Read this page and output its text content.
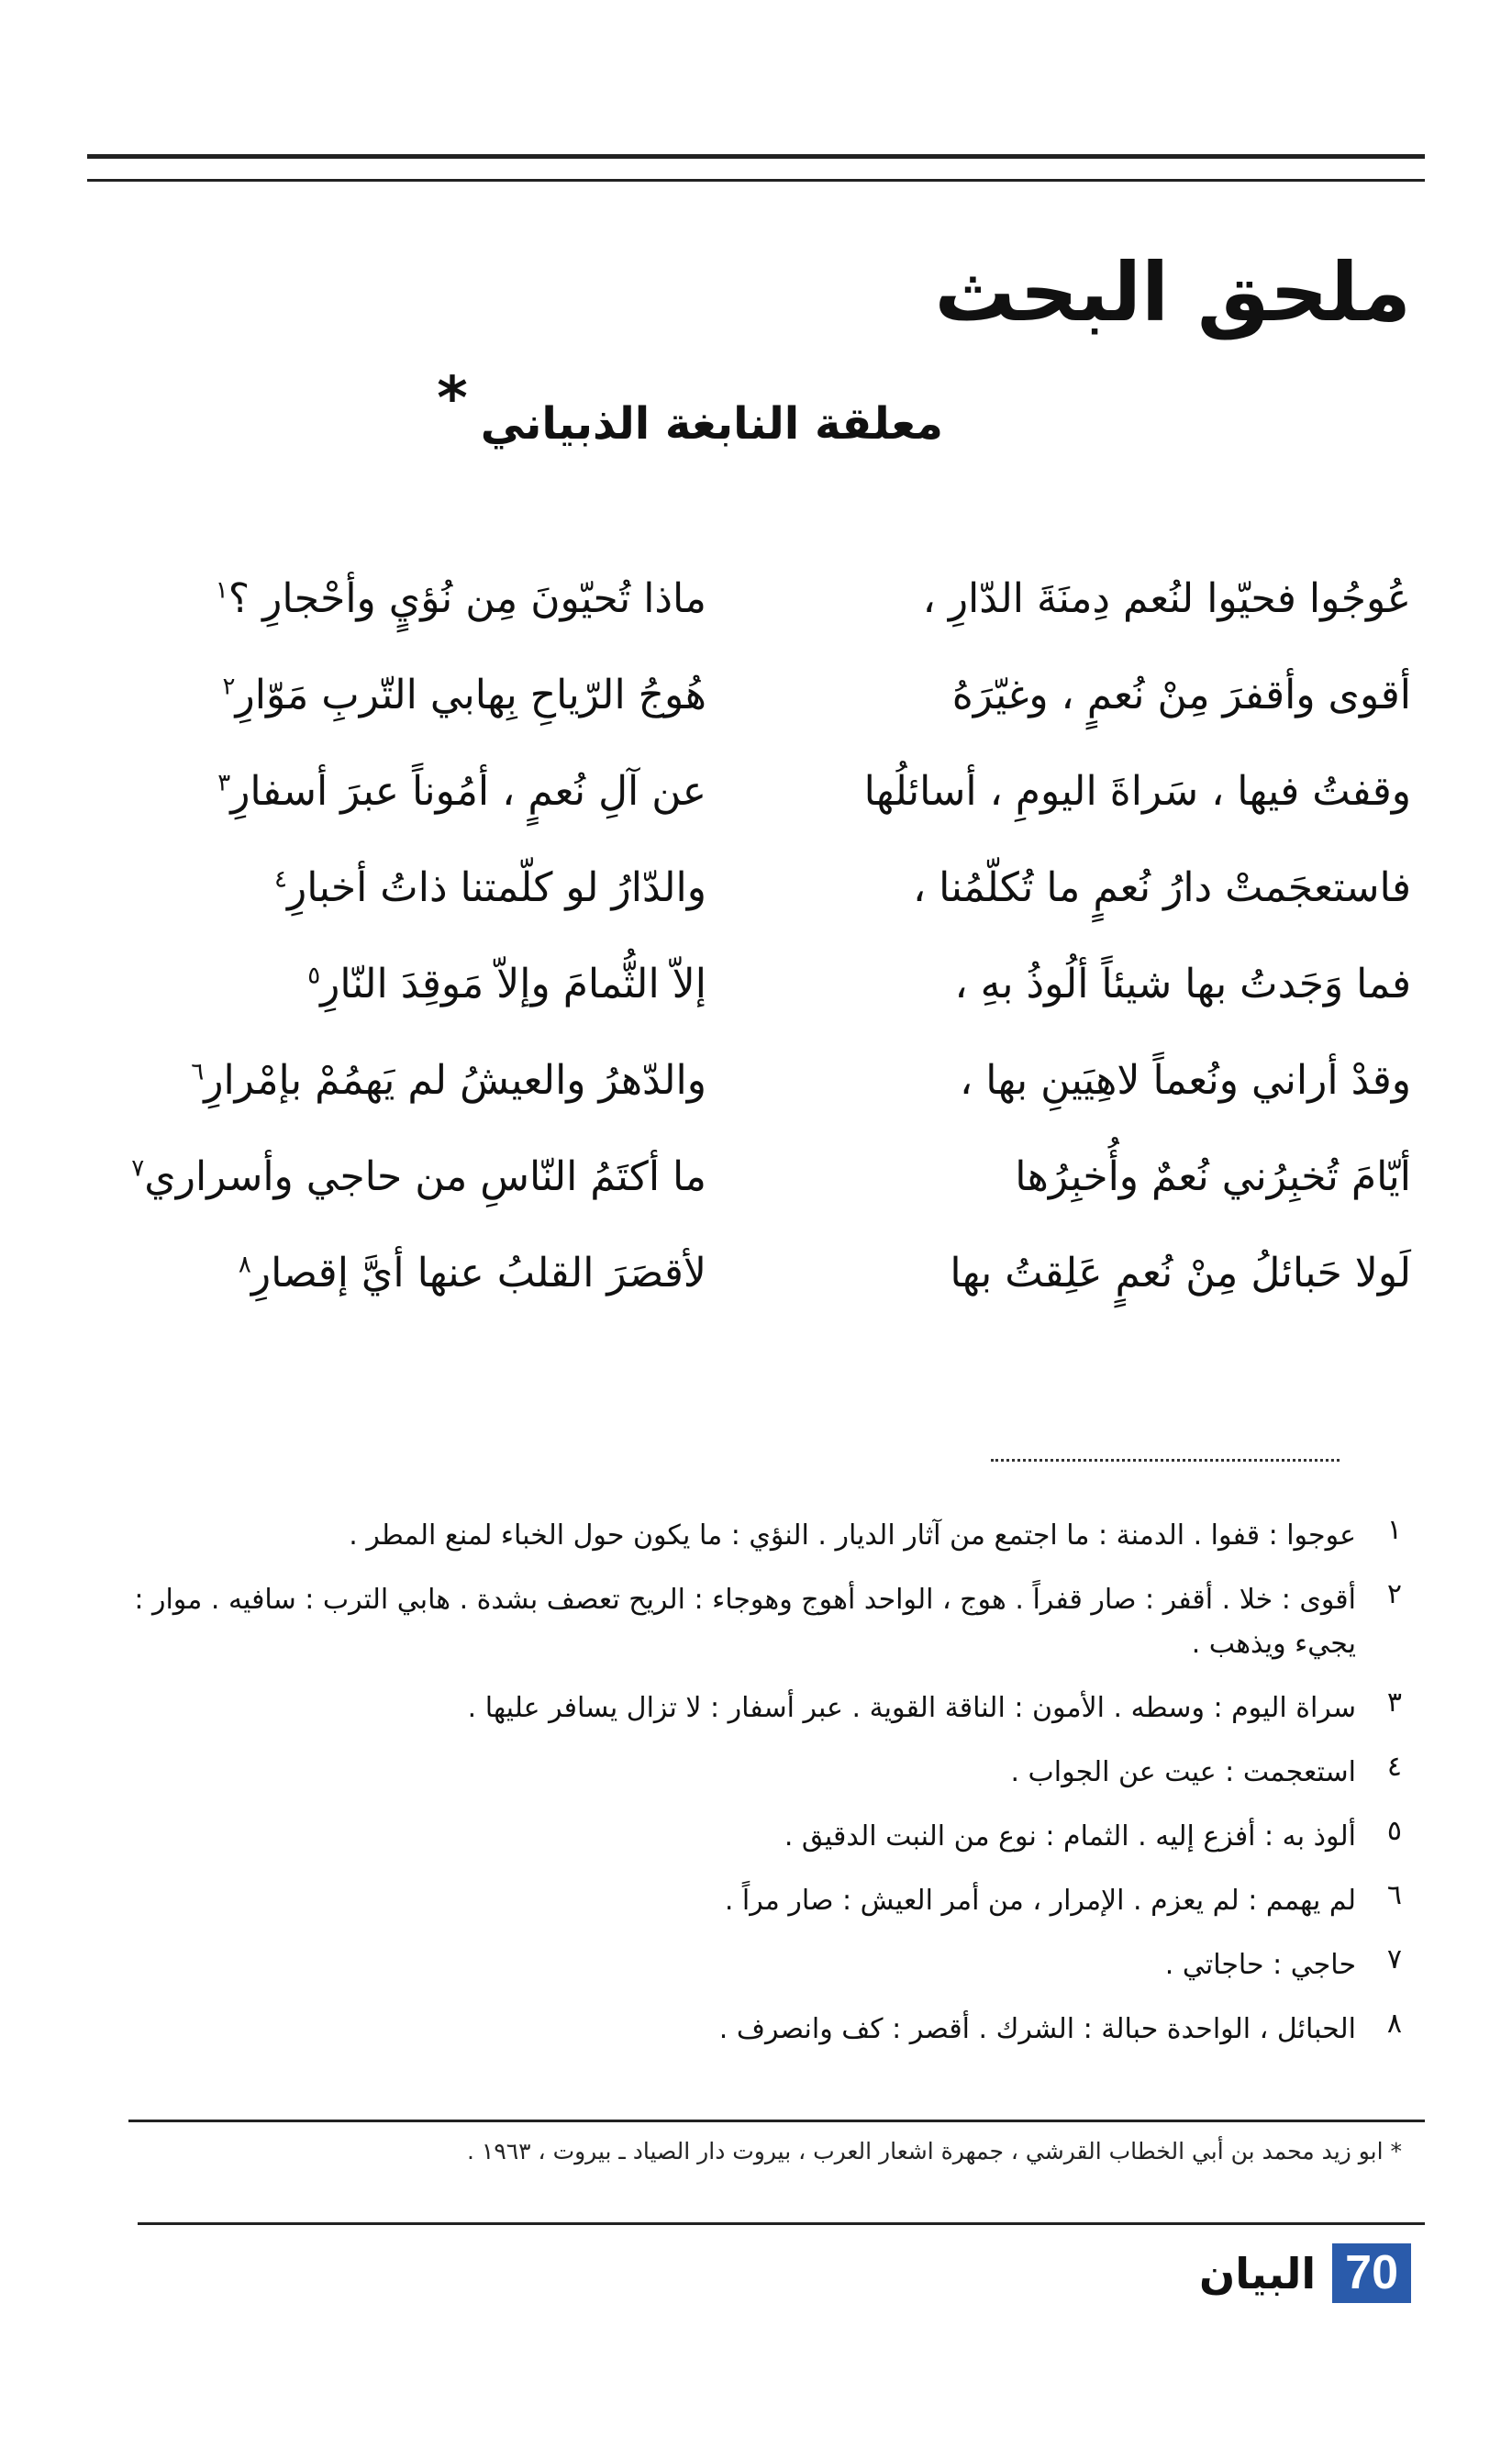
ملحق البحث
معلقة النابغة الذبياني*
عُوجُوا فحيّوا لنُعم دِمنَةَ الدّارِ ،
ماذا تُحيّونَ مِن نُؤيٍ وأحْجارِ ؟$^١$
أقوى وأقفرَ مِنْ نُعمٍ ، وغيّرَهُ
هُوجُ الرّياحِ بِهابي التّربِ مَوّارِ$^٢$
وقفتُ فيها ، سَراةَ اليومِ ، أسائلُها
عن آلِ نُعمٍ ، أمُوناً عبرَ أسفارِ$^٣$
فاستعجَمتْ دارُ نُعمٍ ما تُكلّمُنا ،
والدّارُ لو كلّمتنا ذاتُ أخبارِ$^٤$
فما وَجَدتُ بها شيئاً ألُوذُ بهِ ،
إلاّ الثُّمامَ وإلاّ مَوقِدَ النّارِ$^٥$
وقدْ أراني ونُعماً لاهِيَينِ بها ،
والدّهرُ والعيشُ لم يَهمُمْ بإمْرارِ$^٦$
أيّامَ تُخبِرُني نُعمٌ وأُخبِرُها
ما أكتَمُ النّاسِ من حاجي وأسراري$^٧$
لَولا حَبائلُ مِنْ نُعمٍ عَلِقتُ بها
لأقصَرَ القلبُ عنها أيَّ إقصارِ$^٨$
١
عوجوا : قفوا . الدمنة : ما اجتمع من آثار الديار . النؤي : ما يكون حول الخباء لمنع المطر .
٢
أقوى : خلا . أقفر : صار قفراً . هوج ، الواحد أهوج وهوجاء : الريح تعصف بشدة . هابي الترب : سافيه . موار : يجيء ويذهب .
٣
سراة اليوم : وسطه . الأمون : الناقة القوية . عبر أسفار : لا تزال يسافر عليها .
٤
استعجمت : عيت عن الجواب .
٥
ألوذ به : أفزع إليه . الثمام : نوع من النبت الدقيق .
٦
لم يهمم : لم يعزم . الإمرار ، من أمر العيش : صار مراً .
٧
حاجي : حاجاتي .
٨
الحبائل ، الواحدة حبالة : الشرك . أقصر : كف وانصرف .
* ابو زيد محمد بن أبي الخطاب القرشي ، جمهرة اشعار العرب ، بيروت دار الصياد ـ بيروت ، ١٩٦٣ .
70
البيان
